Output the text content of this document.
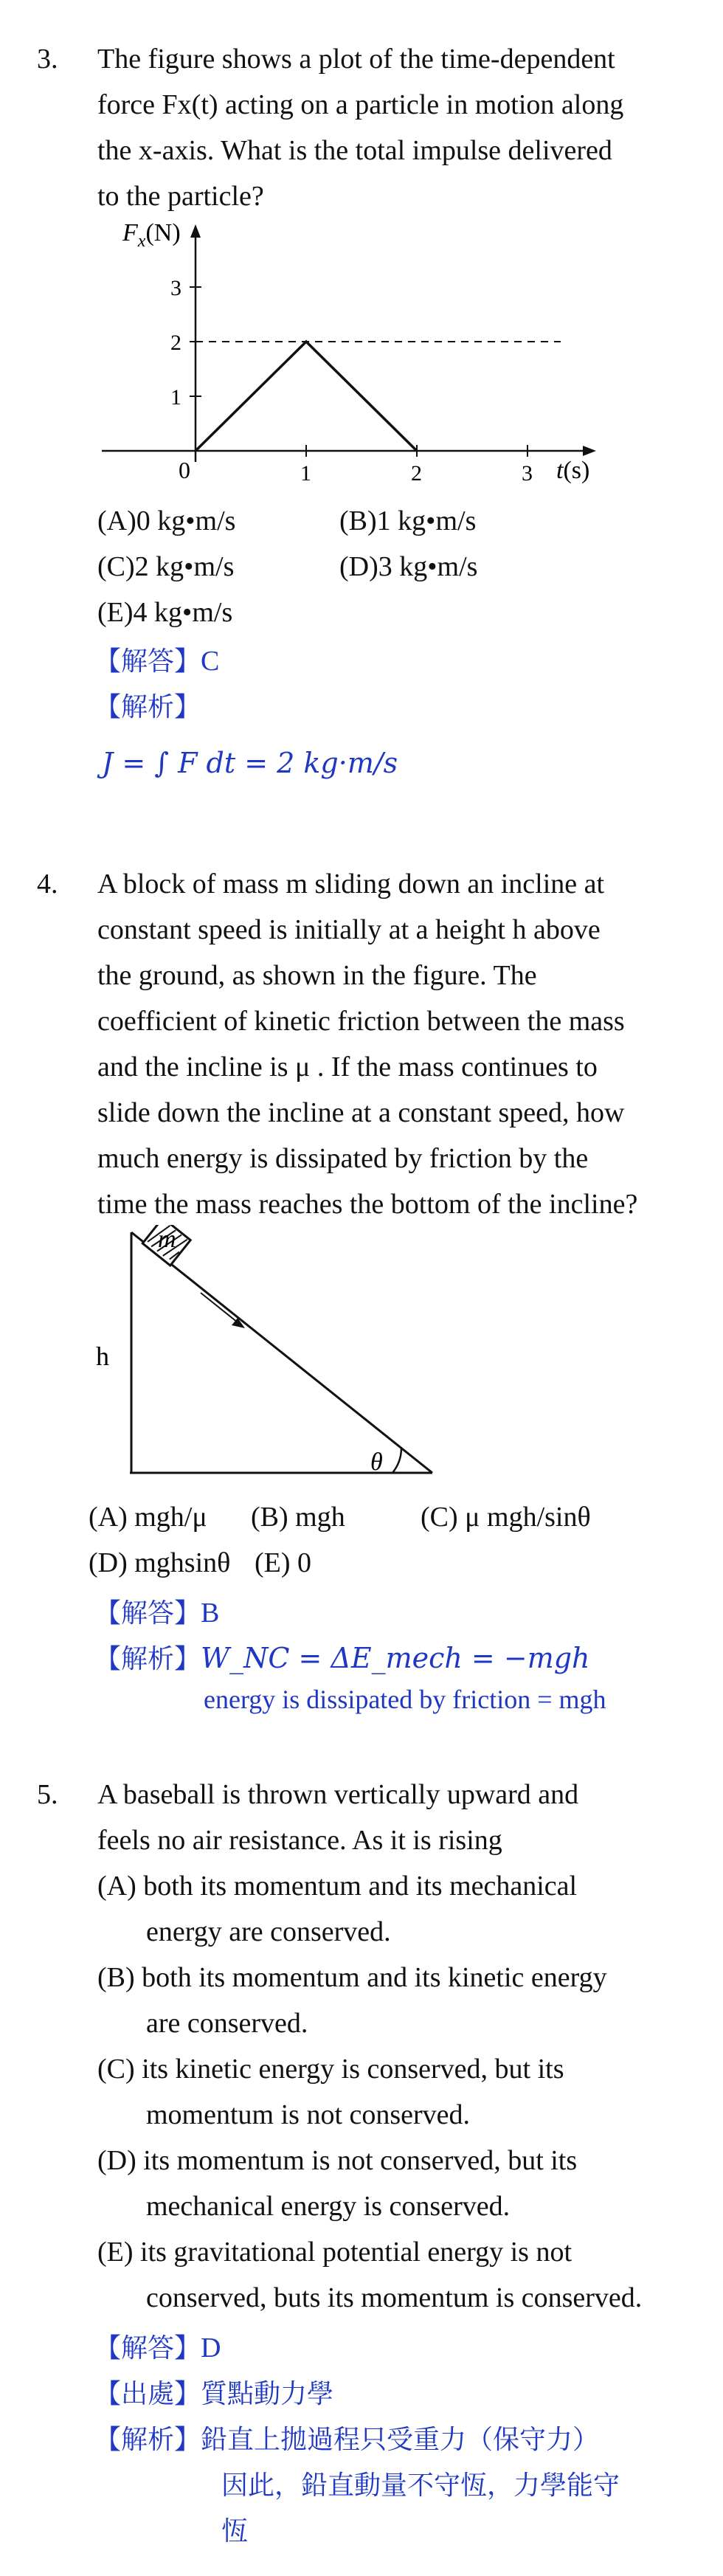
3. The figure shows a plot of the time-dependent
force Fx(t) acting on a particle in motion along
the x-axis. What is the total impulse delivered
to the particle?
$F_x(N)$
t(s)
0
1
2
3
1	2	3
(A)0 kg•m/s	(B)1 kg•m/s
(C)2 kg•m/s	(D)3 kg•m/s
(E)4 kg•m/s
【解答】C
【解析】
J = ∫ F dt = 2 kg·m/s
4. A block of mass m sliding down an incline at
constant speed is initially at a height h above
the ground, as shown in the figure. The
coefficient of kinetic friction between the mass
and the incline is μ . If the mass continues to
slide down the incline at a constant speed, how
much energy is dissipated by friction by the
time the mass reaches the bottom of the incline?
m
h
θ
(A) mgh/μ (B) mgh	(C) μ mgh/sinθ
(D) mghsinθ (E) 0
【解答】B
【解析】W_NC = ΔE_mech = −mgh
energy is dissipated by friction = mgh
5. A baseball is thrown vertically upward and
feels no air resistance. As it is rising
(A) both its momentum and its mechanical
energy are conserved.
(B) both its momentum and its kinetic energy
are conserved.
(C) its kinetic energy is conserved, but its
momentum is not conserved.
(D) its momentum is not conserved, but its
mechanical energy is conserved.
(E) its gravitational potential energy is not
conserved, buts its momentum is conserved.
【解答】D
【出處】質點動力學
【解析】鉛直上拋過程只受重力（保守力）
因此，鉛直動量不守恆，力學能守
恆
